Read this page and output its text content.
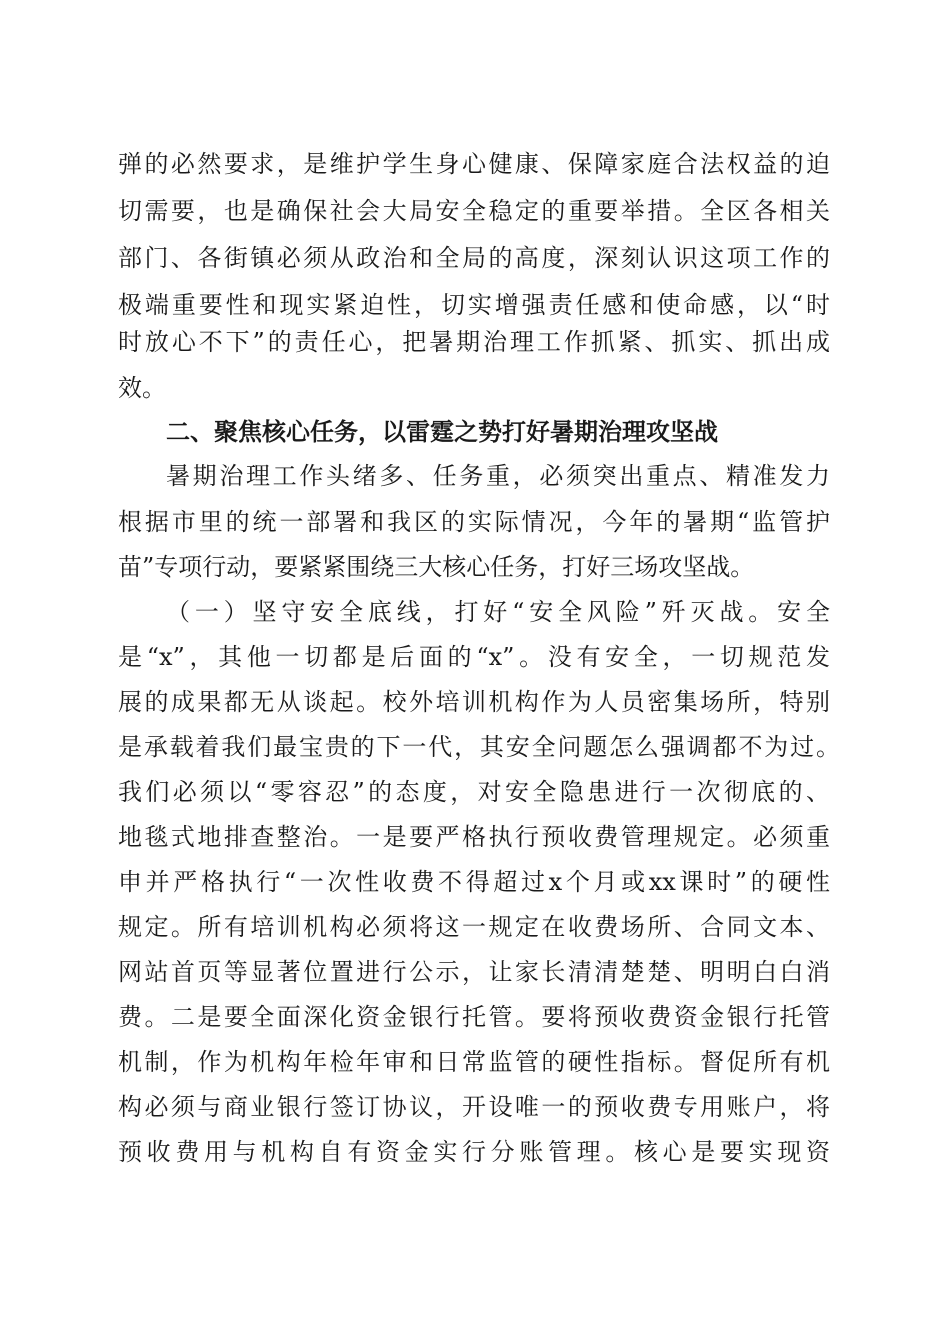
弹的必然要求，是维护学生身心健康、保障家庭合法权益的迫
切需要，也是确保社会大局安全稳定的重要举措。全区各相关
部门、各街镇必须从政治和全局的高度，深刻认识这项工作的
极端重要性和现实紧迫性，切实增强责任感和使命感，以“时
时放心不下”的责任心，把暑期治理工作抓紧、抓实、抓出成
效。
二、聚焦核心任务，以雷霆之势打好暑期治理攻坚战
暑期治理工作头绪多、任务重，必须突出重点、精准发力
根据市里的统一部署和我区的实际情况，今年的暑期“监管护
苗”专项行动，要紧紧围绕三大核心任务，打好三场攻坚战。
（一）坚守安全底线，打好“安全风险”歼灭战。安全
是“x”，其他一切都是后面的“x”。没有安全，一切规范发
展的成果都无从谈起。校外培训机构作为人员密集场所，特别
是承载着我们最宝贵的下一代，其安全问题怎么强调都不为过。
我们必须以“零容忍”的态度，对安全隐患进行一次彻底的、
地毯式地排查整治。一是要严格执行预收费管理规定。必须重
申并严格执行“一次性收费不得超过x个月或xx课时”的硬性
规定。所有培训机构必须将这一规定在收费场所、合同文本、
网站首页等显著位置进行公示，让家长清清楚楚、明明白白消
费。二是要全面深化资金银行托管。要将预收费资金银行托管
机制，作为机构年检年审和日常监管的硬性指标。督促所有机
构必须与商业银行签订协议，开设唯一的预收费专用账户，将
预收费用与机构自有资金实行分账管理。核心是要实现资
